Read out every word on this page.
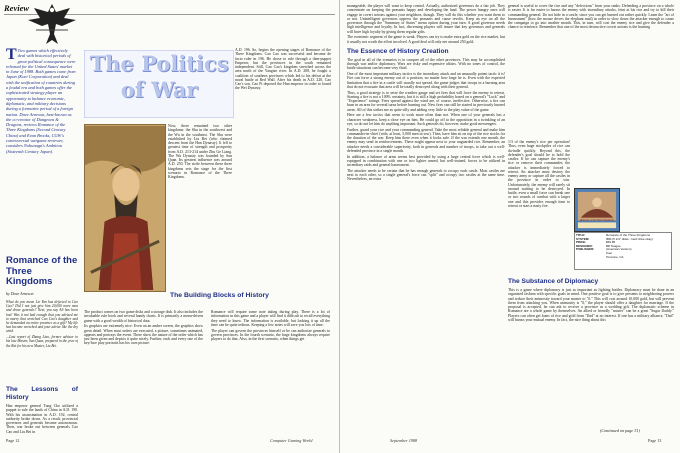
Review
T Two games which effectively deal with historical periods of great political consequence were released for the United States' market in June of 1988. Both games come from Japan (Koei Corporation) and deal with the unification of countries during a feudal era and both games offer the sophisticated strategy player an opportunity to balance economic, diplomatic, and military decisions during a formative period of a foreign nation. Dave Arneson, best-known as the co-creator of Dungeons & Dragons, reviews Romance of the Three Kingdoms (Second Century China) and Evan Brooks, CGW's controversial wargame reviewer, considers Nobunaga's Ambition (Sixteenth Century Japan).
Romance of the Three Kingdoms
by Dave Arneson

What do you mean Lie Yan has defected to Cao Cao? Did I not just give him 20,000 more men and drove generals? Next, you say Ali has been lost! Was it not bad enough that you advised me to marry that wretched Cao Cao's daughter and he demanded an entire province as a gift? My life has become wretched and your advice like the dry wind.

—Last report of Zhang Liao, former advisor to his late Master, Sun Quan, prepared in the year of the Rat for his new Master, Liu Bei.

The Lessons of History

Han emperor general Tung Cho utilized a puppet to rule the lands of China in A.D. 190. With his assassination in A.D. 192, central authority broke down. As a result, provincial governors and generals became autonomous. Then, war broke out between generals Cao Cao and Liu Bei in

The Politics of War

Now, there remained two other kingdoms: the Shu in the southwest and the Wu in the southeast. The Shu were established by Liu Bei (who claimed descent from the Han Dynasty). It fell to greatest time of strength and prosperity from A.D. 213-214 under Zhu Ge Liang. The Wu Dynasty was founded by Sun Quan. Its greatest influence was around A.D. 250. The strife between these three kingdoms sets the stage for the first scenario in Romance of the Three Kingdoms.

A.D. 196. So, begins the opening stages of Romance of the Three Kingdoms. Cao Cao was successful and became de facto ruler in 196. He chose to rule through a then-puppet Emperor, but the provinces in the south remained independent. Still, Cao Cao's kingdom stretched across the area north of the Yangtze river. In A.D. 208, he fought a coalition of southern provinces which led to his defeat at the naval battle at Red Wall. After his death in A.D. 220, Cao Cao's son, Cao Pi deposed the Han emperor in order to found the Wei Dynasty.

The Building Blocks of History

The product comes on two game disks and a storage disk. It also includes the invaluable rule book and several handy charts. It is primarily a menu-driven game with a good wealth of historical data.

Its graphics are extremely nice. Even on an amber screen, the graphics show great detail. When most orders are executed, a picture, sometimes animated, appears and portrays the event. These show the nature of the order which has just been given and depicts it quite nicely. Further, each and every one of the key/face play portraits has his own picture.

Romance will require some note taking during play. There is a lot of information in this game and a player will find it difficult to recall everything they need to know. The information is available, but looking it up all the time can be quite tedious. Keeping a few notes will save you lots of time.

The player can govern the provinces himself or he can authorize generals to govern provinces. In the fourth scenario, the large kingdoms always require players to do that. Also, in the first scenario, when things get

Page 12	Computer Gaming World

manageable, the player will want to keep control. Actually, authorized governors do a fair job. They concentrate on keeping the peasants happy and developing the land. The power hungry ones will engage in covert actions against your neighbors, though. They will do this whether you want them to or not. Unintelligent governors oppress the peasants and cause revolts. Keep an eye on all the governors through the "Summary of States" menu option during your turn. A good governor needs high intelligence and loyalty. In fact, discerning players will insure that key governors and generals will have high loyalty by giving them regular gifts.

The economic segment of the game is weak. Players can try to make extra gold on the rice market, but it usually not worth the effort involved. A good deal will only net around 250 gold.

The Essence of History Creation

The goal in all of the scenarios is to conquer all of the other provinces. This may be accomplished through war and/or diplomacy. Wars are risky and expensive affairs. With no tones of control, the battle situations can become very fluid.

One of the most important military tactics is the incendiary attack and an unusually potent tactic it is! Fire can force a strong enemy out of a position, no matter how large he is. Even with the expected limitation that a fire in a castle will usually not spread, the game judges that troops in a burning area that do not evacuate that area will be totally destroyed along with their general.

Thus, a good strategy is to seize the weather gauge and set fires that will force the enemy to retreat. Starting a fire is not a 100% certainty, but it is still a high probability based on a general's "Luck" and "Experience" ratings. Fires spread against the wind are, of course, ineffective. Otherwise, a fire can burn in an area for several turns before burning out. New fires can still be started in previously burned areas. All of this strikes me as quite silly and adding very little to the play value of the game.

Here are a few tactics that seem to work more often than not. When one of your generals has a character weakness, keep a close eye on him. He could go off to the opposition in a twinkling of an eye, so do not let him do anything important. Such generals do, however, make good messengers.

Further, guard your rice and your commanding general. Take the most reliable general and make him commander-in-chief (with, at least, 5,000 men in tow). Then, have him sit on top of the rice stocks for the duration of the war. Keep him there even when it looks safe. If the war extends one month, the enemy may send in reinforcements. These might appear next to your unguarded rice. Remember, an attacker needs a considerable superiority, both in generals and number of troops, to take out a well-defended province in a single month.

In addition, a balance of arms seems best provided by using a large central force which is well-equipped in combination with one or two lighter armed, but well-trained, forces to be utilized in incendiary raids and general harassment.

The attacker needs to be certain that he has enough generals to occupy each castle. Most castles are next to each other, so a single general's force can "split" and occupy two castles at the same time. Nevertheless, an extra

general is useful to cover the rice and any "defections" from your ranks. Defending a province on a whole is easier. It is far easier to harass the enemy with incendiary attacks, feint at his rice and try to kill their commanding general. Do not hide in a castle, since you can get burned out rather quickly. Learn the "art of harassment" (how the mouse drives the elephant mad) in order to slow down the attacker enough to cause the campaign to go into another month. This, in turn, will cost the enemy rice and give the defender a chance to reinforce. Remember that one of the most destructive covert actions is the burning

1/3 of the enemy's rice per operation! Thus, even huge stockpiles of rice can dwindle quickly. Beyond this, the defender's goal should be to hold the castles. If he can capture the enemy's rice or remove their commander, the attacker is immediately forced to retreat. An attacker must destroy the enemy army or capture all the castles in the province in order to win. Unfortunately, the enemy will rarely sit around waiting to be destroyed. In battle, even a small force can break one or two rounds of combat with a larger one and this provides enough time to retreat or start a nasty fire.

Romance of the Three Kingdoms
TITLE:
SYSTEM:
PRICE:
DESIGNER:
PUBLISHER:
Romance of the Three Kingdoms
IBM (5 1/4" disks - hard drive okay)
$69.95
Bill Teague
(American Version)
Koei
Torrance, CA
The Substance of Diplomacy

This is a game where diplomacy is just as important as fighting battles. Diplomacy must be done in an organized fashion with specific goals in mind. One positive goal is to give presents to neighboring powers and reduce their animosity toward your master to "0." This will cost around 10,000 gold, but will prevent them from attacking you. When animosity is "0," the player should offer a daughter for marriage. If the proposal is accepted, he can ask to receive a province as a wedding gift. The diplomatic scheme in Romance are a whole game by themselves. An allied or friendly "master" can be a great "Sugar Daddy." Players can often get loans of rice and gold from "Dad" at no interest. If one has a military alliance, "Dad" will harass your mutual enemy. In fact, the nice thing about this

(Continued on page 31)
September 1988	Page 13
